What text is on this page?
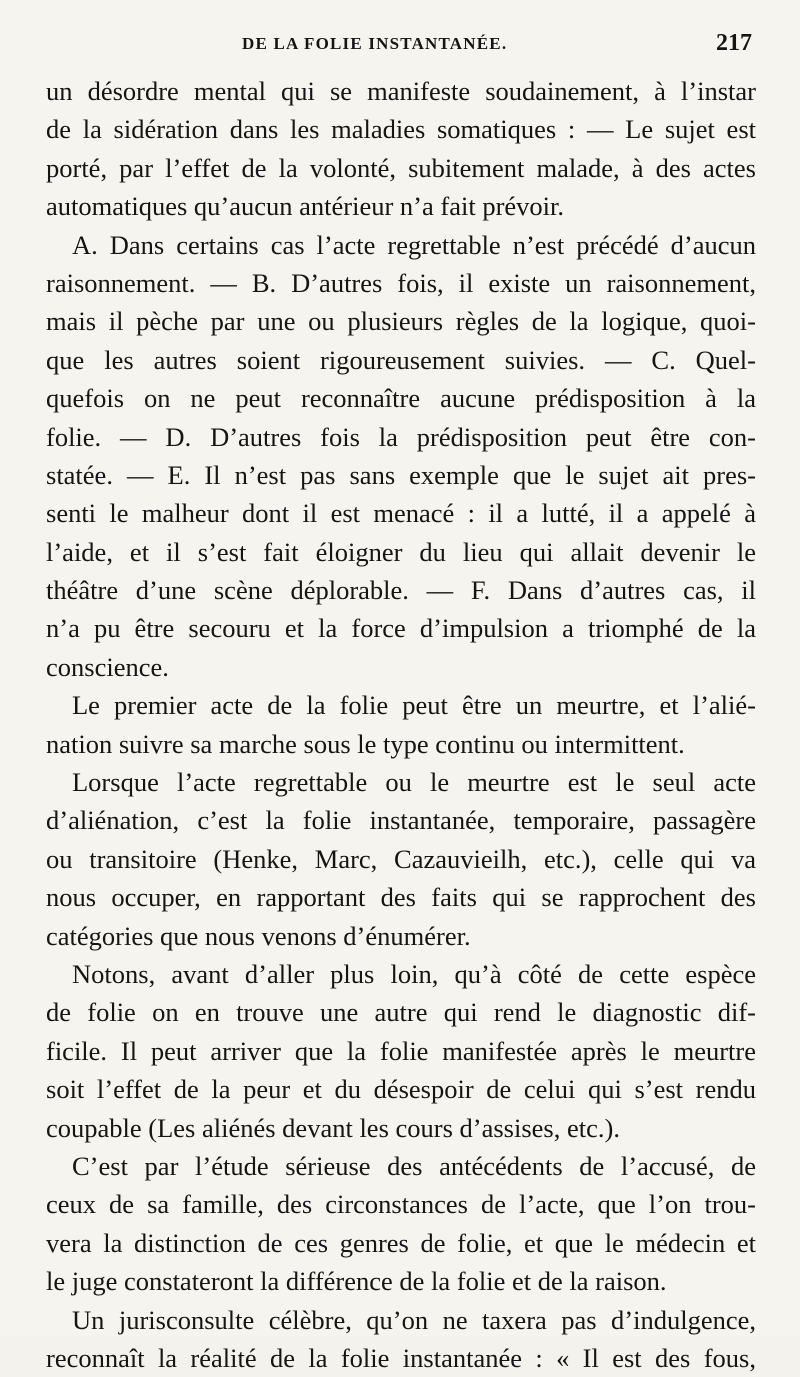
DE LA FOLIE INSTANTANÉE.	217
un désordre mental qui se manifeste soudainement, à l’instar
de la sidération dans les maladies somatiques : — Le sujet est
porté, par l’effet de la volonté, subitement malade, à des actes
automatiques qu’aucun antérieur n’a fait prévoir.
A. Dans certains cas l’acte regrettable n’est précédé d’aucun
raisonnement. — B. D’autres fois, il existe un raisonnement,
mais il pèche par une ou plusieurs règles de la logique, quoi-
que les autres soient rigoureusement suivies. — C. Quel-
quefois on ne peut reconnaître aucune prédisposition à la
folie. — D. D’autres fois la prédisposition peut être con-
statée. — E. Il n’est pas sans exemple que le sujet ait pres-
senti le malheur dont il est menacé : il a lutté, il a appelé à
l’aide, et il s’est fait éloigner du lieu qui allait devenir le
théâtre d’une scène déplorable. — F. Dans d’autres cas, il
n’a pu être secouru et la force d’impulsion a triomphé de la
conscience.
Le premier acte de la folie peut être un meurtre, et l’alié-
nation suivre sa marche sous le type continu ou intermittent.
Lorsque l’acte regrettable ou le meurtre est le seul acte
d’aliénation, c’est la folie instantanée, temporaire, passagère
ou transitoire (Henke, Marc, Cazauvieilh, etc.), celle qui va
nous occuper, en rapportant des faits qui se rapprochent des
catégories que nous venons d’énumérer.
Notons, avant d’aller plus loin, qu’à côté de cette espèce
de folie on en trouve une autre qui rend le diagnostic dif-
ficile. Il peut arriver que la folie manifestée après le meurtre
soit l’effet de la peur et du désespoir de celui qui s’est rendu
coupable (Les aliénés devant les cours d’assises, etc.).
C’est par l’étude sérieuse des antécédents de l’accusé, de
ceux de sa famille, des circonstances de l’acte, que l’on trou-
vera la distinction de ces genres de folie, et que le médecin et
le juge constateront la différence de la folie et de la raison.
Un jurisconsulte célèbre, qu’on ne taxera pas d’indulgence,
reconnaît la réalité de la folie instantanée : « Il est des fous,
